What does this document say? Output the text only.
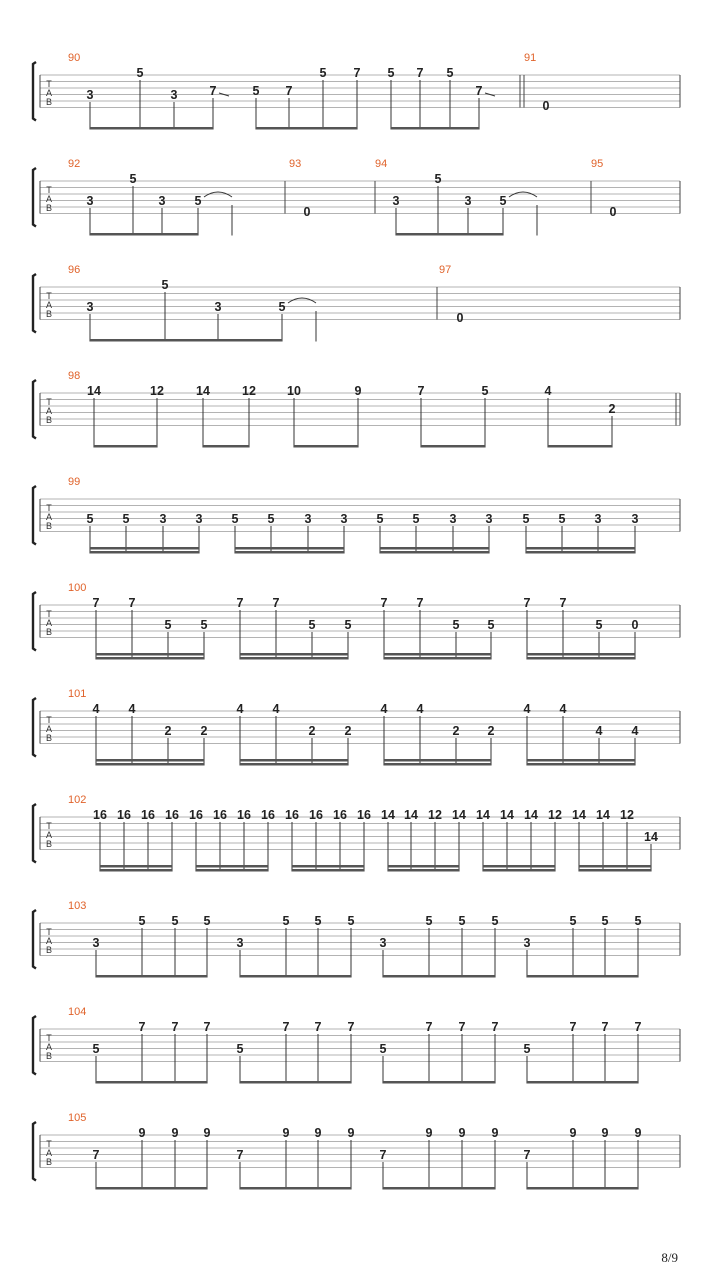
T
A
B
T
A
B
T
A
B
T
A
B
T
A
B
T
A
B
T
A
B
T
A
B
T
A
B
T
A
B
T
A
B
90
3
5
3	7	5 7
5 7 5 7 5
7
91
0
92
3
5
3 5
93
0
94
3
5
3 5
95
0
96
3
5
3	5
97
0
98
14	12	14	12 10	9	7	5	4
2
99
5 5 3 3 5 5 3 3 5 5 3 3 5 5 3 3
100
7 7
5 5
7 7
5 5
7 7
5 5
7 7
5 0
101
4 4
2 2
4 4
2 2
4 4
2 2
4 4
4 4
102
16 16 16 16 16 16 16 16 16 16 16 16 14 14 12 14 14 14 14 12 14 14 12
14
103
3
5 5 5
3
5 5 5
3
5 5 5
3
5 5 5
104
5
7 7 7
5
7 7 7
5
7 7 7
5
7 7 7
105
7
9 9 9
7
9 9 9
7
9 9 9
7
9 9 9
8/9
